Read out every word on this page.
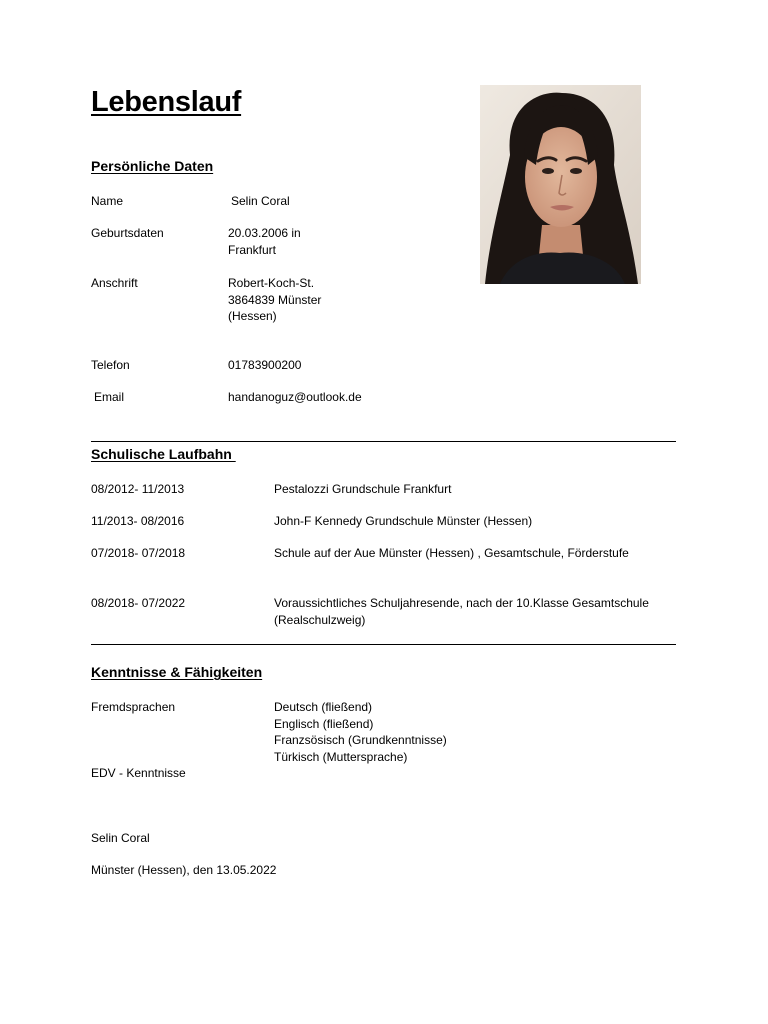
Lebenslauf
Persönliche Daten
Name	Selin Coral
Geburtsdaten	20.03.2006 in
Frankfurt
Anschrift	Robert-Koch-St.
3864839 Münster
(Hessen)
Telefon	01783900200
Email	handanoguz@outlook.de
Schulische Laufbahn
08/2012- 11/2013	Pestalozzi Grundschule Frankfurt
11/2013- 08/2016	John-F Kennedy Grundschule Münster (Hessen)
07/2018- 07/2018	Schule auf der Aue Münster (Hessen) , Gesamtschule, Förderstufe
08/2018- 07/2022	Voraussichtliches Schuljahresende, nach der 10.Klasse Gesamtschule
(Realschulzweig)
Kenntnisse & Fähigkeiten
Fremdsprachen	Deutsch (fließend)
Englisch (fließend)
Franzsösisch (Grundkenntnisse)
Türkisch (Muttersprache)
EDV - Kenntnisse
Selin Coral
Münster (Hessen), den 13.05.2022
